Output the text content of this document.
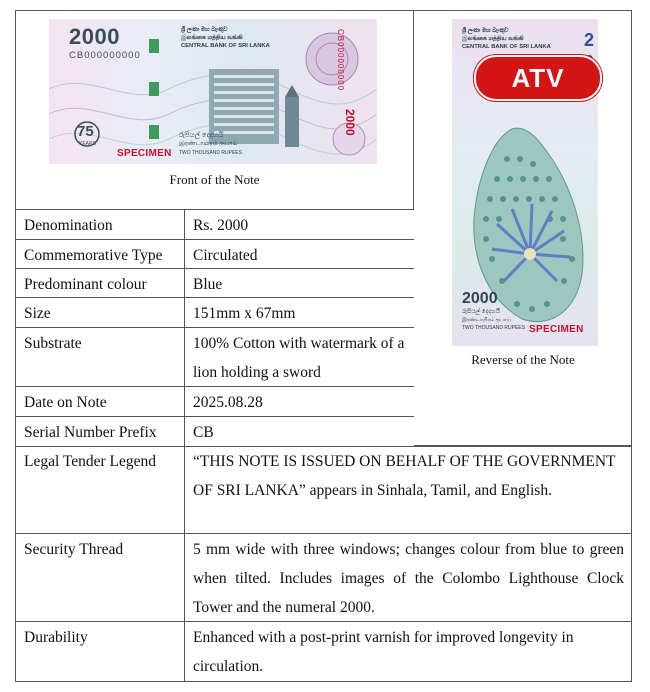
2000
CB000000000
ශ්‍රී ලංකා මහ බැංකුව
இலங்கை மத்திய வங்கி
CENTRAL BANK OF SRI LANKA	CB000000000
2000
රුපියල් දෙදහයි
இரண்டாயிரம் ரூபாய்
TWO THOUSAND RUPEES
75
YEARS
SPECIMEN
Front of the Note
ශ්‍රී ලංකා මහ බැංකුව
இலங்கை மத்திய வங்கி
CENTRAL BANK OF SRI LANKA 2

2000
රුපියල් දෙදහයි
இரண்டாயிரம் ரூபாய்
TWO THOUSAND RUPEES SPECIMEN
ATV
Reverse of the Note
Denomination	Rs. 2000
Commemorative Type	Circulated
Predominant colour	Blue
Size	151mm x 67mm
Substrate	100% Cotton with watermark of a lion holding a sword
Date on Note	2025.08.28
Serial Number Prefix	CB
Legal Tender Legend	“THIS NOTE IS ISSUED ON BEHALF OF THE GOVERNMENT OF SRI LANKA” appears in Sinhala, Tamil, and English.
Security Thread	5 mm wide with three windows; changes colour from blue to green when tilted. Includes images of the Colombo Lighthouse Clock Tower and the numeral 2000.
Durability	Enhanced with a post-print varnish for improved longevity in circulation.
